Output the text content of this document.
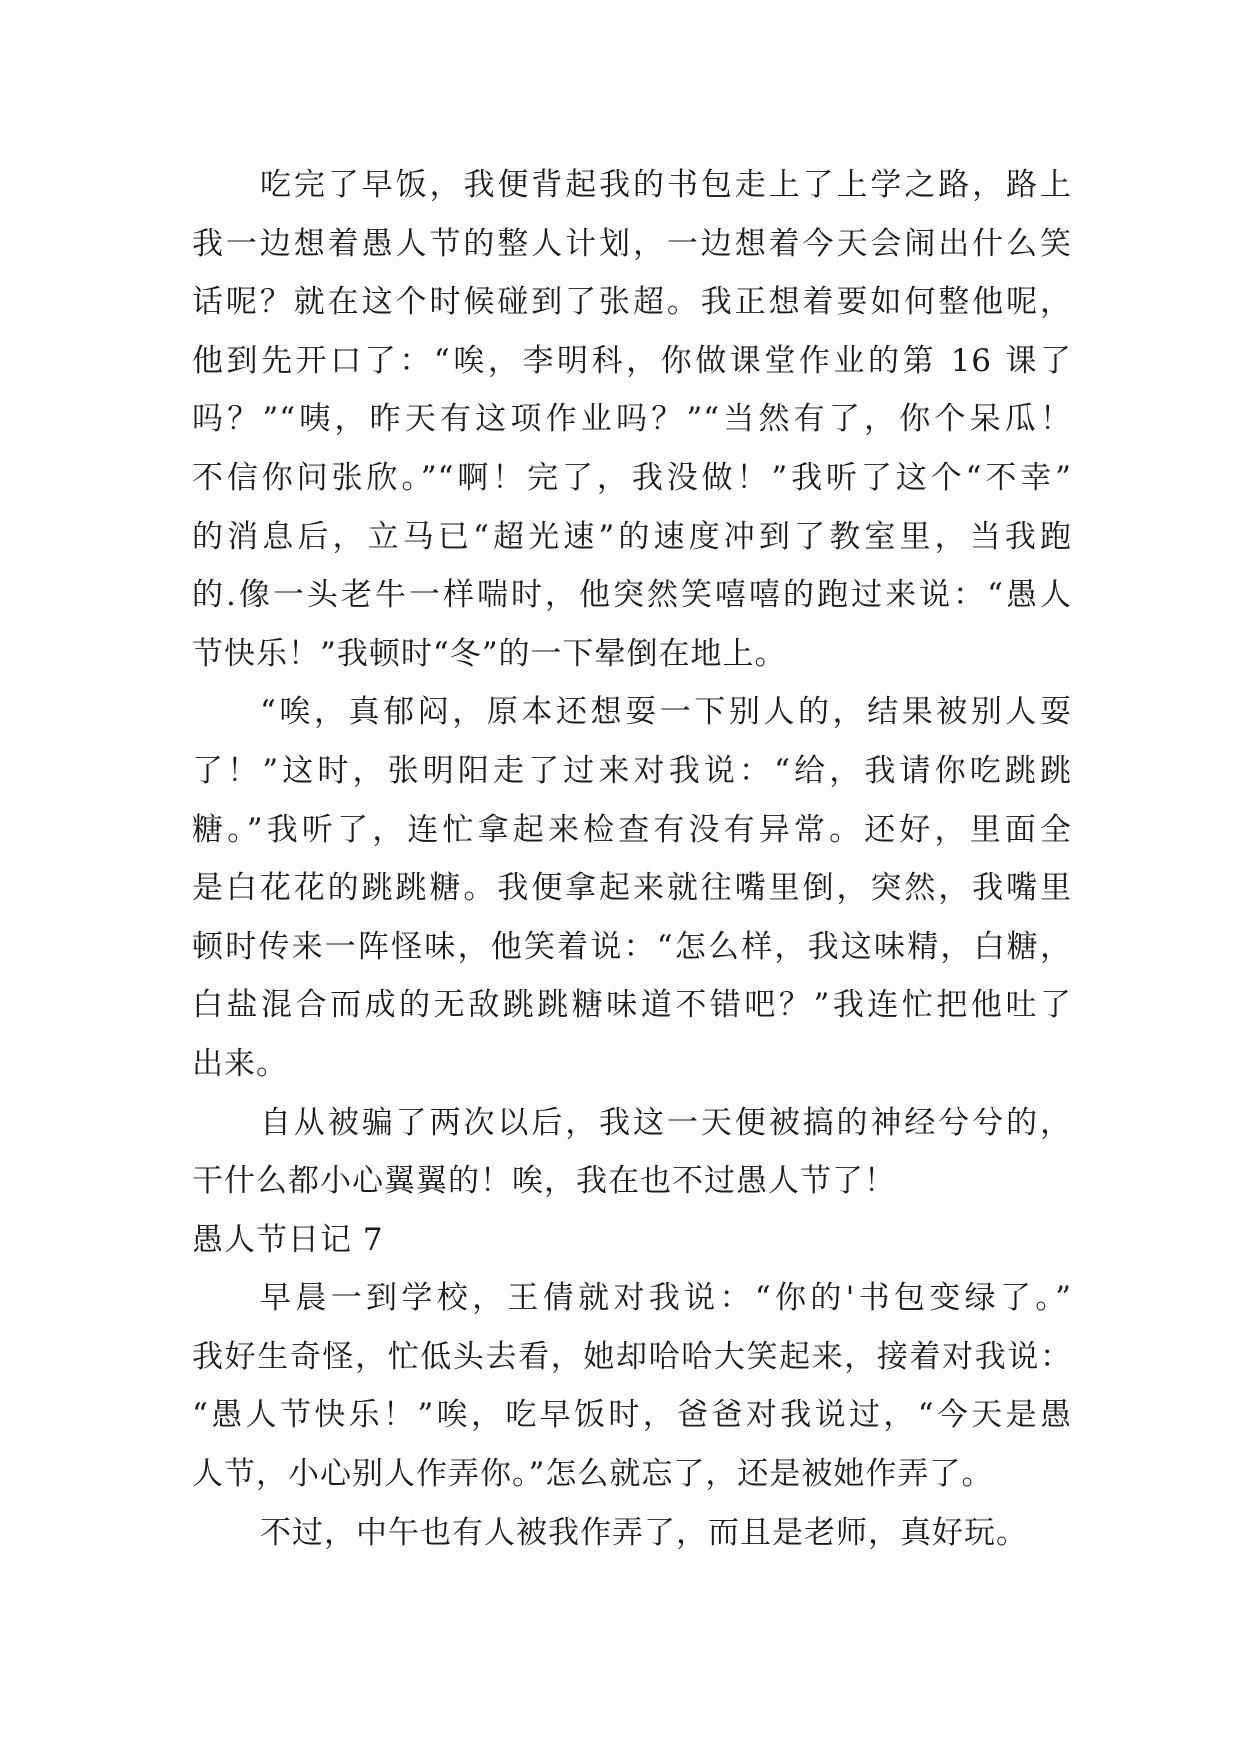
吃完了早饭，我便背起我的书包走上了上学之路，路上
我一边想着愚人节的整人计划，一边想着今天会闹出什么笑
话呢？就在这个时候碰到了张超。我正想着要如何整他呢，
他到先开口了：“唉，李明科，你做课堂作业的第 16 课了
吗？”“咦，昨天有这项作业吗？”“当然有了，你个呆瓜！
不信你问张欣。”“啊！完了，我没做！”我听了这个“不幸”
的消息后，立马已“超光速”的速度冲到了教室里，当我跑
的.像一头老牛一样喘时，他突然笑嘻嘻的跑过来说：“愚人
节快乐！”我顿时“冬”的一下晕倒在地上。
“唉，真郁闷，原本还想耍一下别人的，结果被别人耍
了！”这时，张明阳走了过来对我说：“给，我请你吃跳跳
糖。”我听了，连忙拿起来检查有没有异常。还好，里面全
是白花花的跳跳糖。我便拿起来就往嘴里倒，突然，我嘴里
顿时传来一阵怪味，他笑着说：“怎么样，我这味精，白糖，
白盐混合而成的无敌跳跳糖味道不错吧？”我连忙把他吐了
出来。
自从被骗了两次以后，我这一天便被搞的神经兮兮的，
干什么都小心翼翼的！唉，我在也不过愚人节了！
愚人节日记 7
早晨一到学校，王倩就对我说：“你的'书包变绿了。”
我好生奇怪，忙低头去看，她却哈哈大笑起来，接着对我说：
“愚人节快乐！”唉，吃早饭时，爸爸对我说过，“今天是愚
人节，小心别人作弄你。”怎么就忘了，还是被她作弄了。
不过，中午也有人被我作弄了，而且是老师，真好玩。
